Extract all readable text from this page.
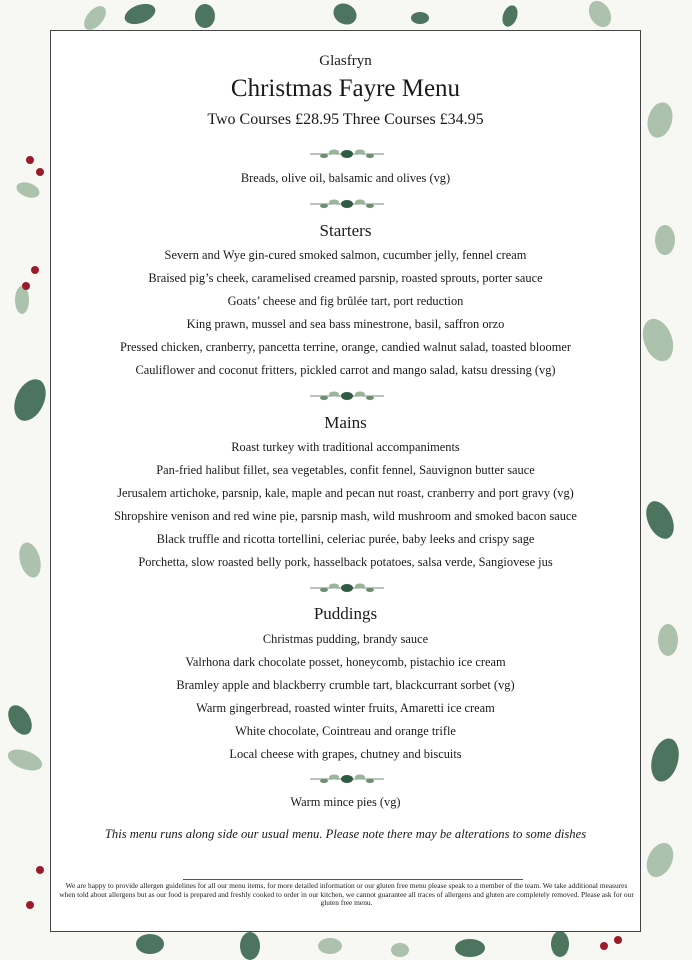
Glasfryn
Christmas Fayre Menu
Two Courses £28.95 Three Courses £34.95
Breads, olive oil, balsamic and olives (vg)
Starters
Severn and Wye gin-cured smoked salmon, cucumber jelly, fennel cream
Braised pig’s cheek, caramelised creamed parsnip, roasted sprouts, porter sauce
Goats’ cheese and fig brûlée tart, port reduction
King prawn, mussel and sea bass minestrone, basil, saffron orzo
Pressed chicken, cranberry, pancetta terrine, orange, candied walnut salad, toasted bloomer
Cauliflower and coconut fritters, pickled carrot and mango salad, katsu dressing (vg)
Mains
Roast turkey with traditional accompaniments
Pan-fried halibut fillet, sea vegetables, confit fennel, Sauvignon butter sauce
Jerusalem artichoke, parsnip, kale, maple and pecan nut roast, cranberry and port gravy (vg)
Shropshire venison and red wine pie, parsnip mash, wild mushroom and smoked bacon sauce
Black truffle and ricotta tortellini, celeriac purée, baby leeks and crispy sage
Porchetta, slow roasted belly pork, hasselback potatoes, salsa verde, Sangiovese jus
Puddings
Christmas pudding, brandy sauce
Valrhona dark chocolate posset, honeycomb, pistachio ice cream
Bramley apple and blackberry crumble tart, blackcurrant sorbet (vg)
Warm gingerbread, roasted winter fruits, Amaretti ice cream
White chocolate, Cointreau and orange trifle
Local cheese with grapes, chutney and biscuits
Warm mince pies (vg)
This menu runs along side our usual menu. Please note there may be alterations to some dishes
We are happy to provide allergen guidelines for all our menu items, for more detailed information or our gluten free menu please speak to a member of the team. We take additional measures when told about allergens but as our food is prepared and freshly cooked to order in our kitchen, we cannot guarantee all traces of allergens and gluten are completely removed. Please ask for our gluten free menu.
